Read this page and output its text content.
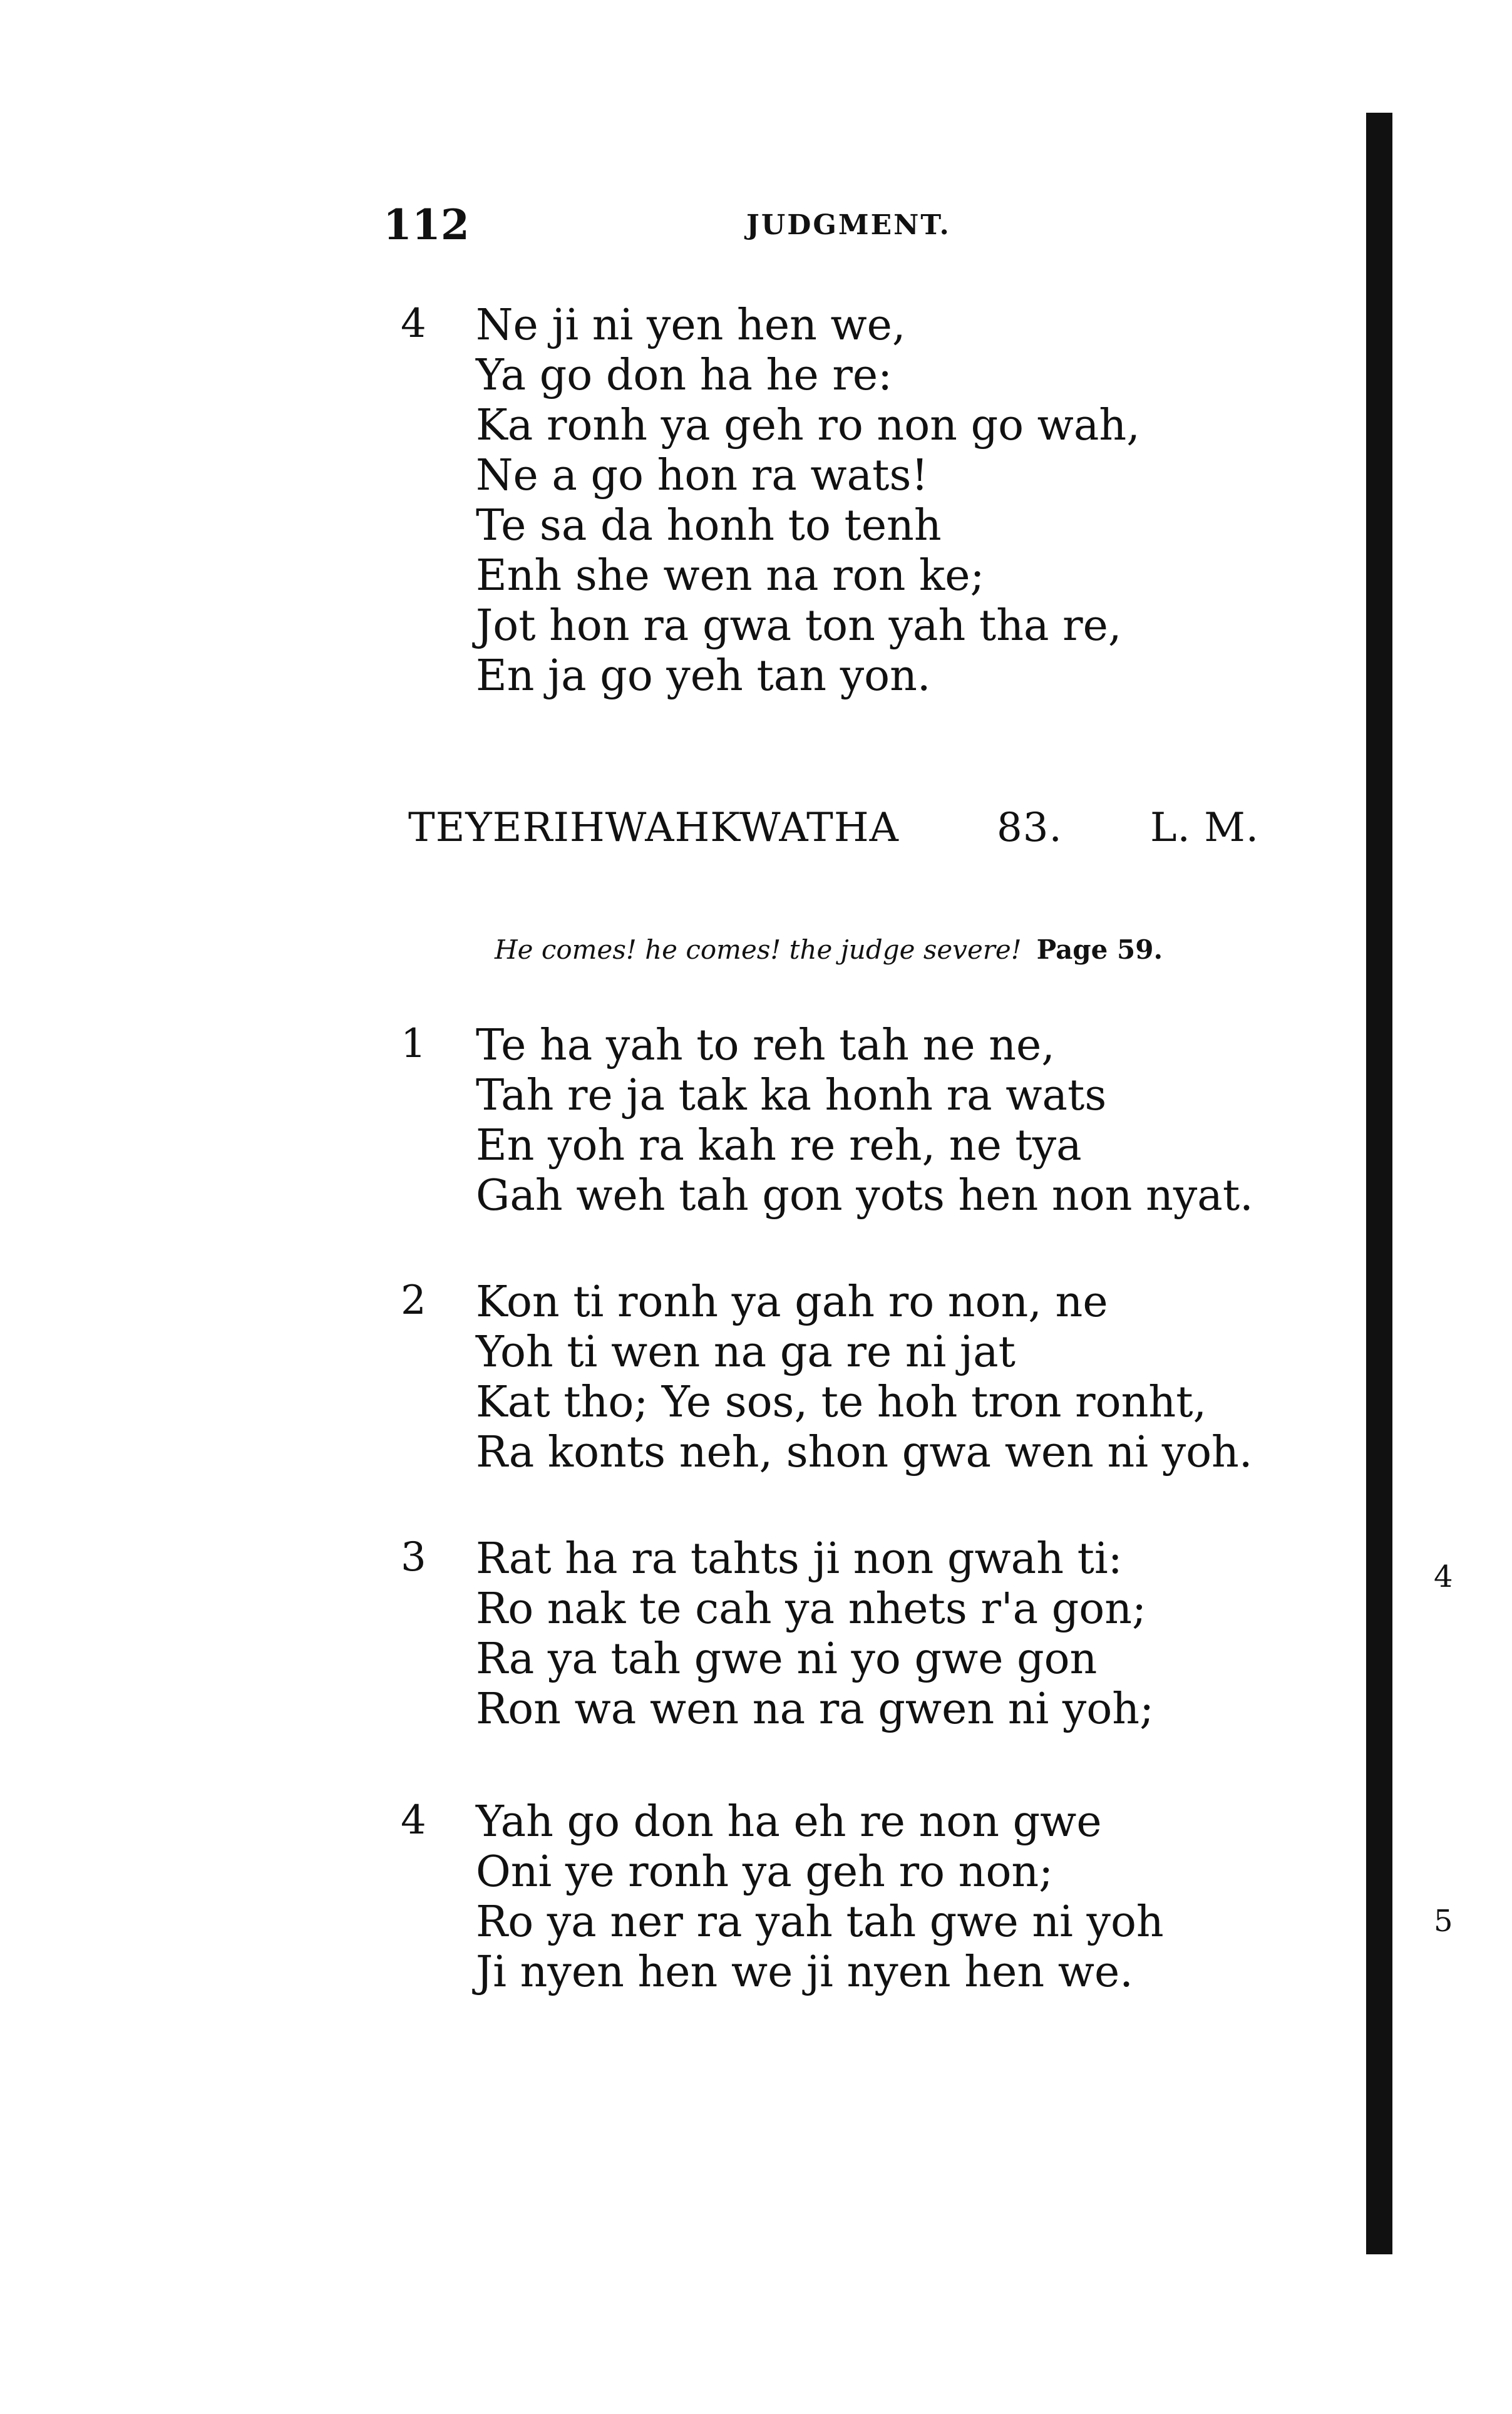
112	JUDGMENT.
4 Ne ji ni yen hen we,
Ya go don ha he re:
Ka ronh ya geh ro non go wah,
Ne a go hon ra wats!
Te sa da honh to tenh
Enh she wen na ron ke;
Jot hon ra gwa ton yah tha re,
En ja go yeh tan yon.
TEYERIHWAHKWATHA 83. L. M.
He comes! he comes! the judge severe! Page 59.
1 Te ha yah to reh tah ne ne,
Tah re ja tak ka honh ra wats
En yoh ra kah re reh, ne tya
Gah weh tah gon yots hen non nyat.
2 Kon ti ronh ya gah ro non, ne
Yoh ti wen na ga re ni jat
Kat tho; Ye sos, te hoh tron ronht,
Ra konts neh, shon gwa wen ni yoh.
3 Rat ha ra tahts ji non gwah ti:
Ro nak te cah ya nhets r'a gon;
Ra ya tah gwe ni yo gwe gon
Ron wa wen na ra gwen ni yoh;
4 Yah go don ha eh re non gwe
Oni ye ronh ya geh ro non;
Ro ya ner ra yah tah gwe ni yoh
Ji nyen hen we ji nyen hen we.
4
5
